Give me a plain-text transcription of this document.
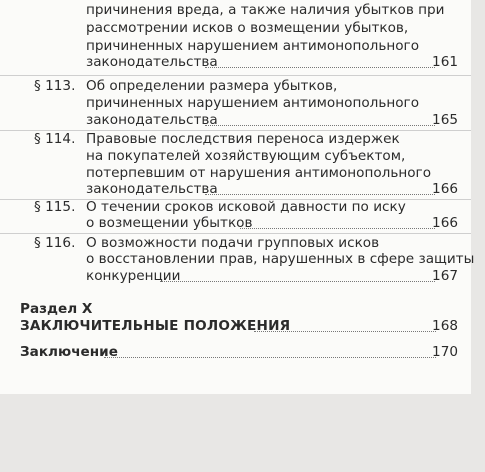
причинения вреда, а также наличия убытков при
рассмотрении исков о возмещении убытков,
причиненных нарушением антимонопольного
законодательства	161
§ 113. Об определении размера убытков,
причиненных нарушением антимонопольного
законодательства	165
§ 114. Правовые последствия переноса издержек
на покупателей хозяйствующим субъектом,
потерпевшим от нарушения антимонопольного
законодательства	166
§ 115. О течении сроков исковой давности по иску
о возмещении убытков	166
§ 116. О возможности подачи групповых исков
о восстановлении прав, нарушенных в сфере защиты
конкуренции	167
Раздел X
ЗАКЛЮЧИТЕЛЬНЫЕ ПОЛОЖЕНИЯ	168
Заключение	170
